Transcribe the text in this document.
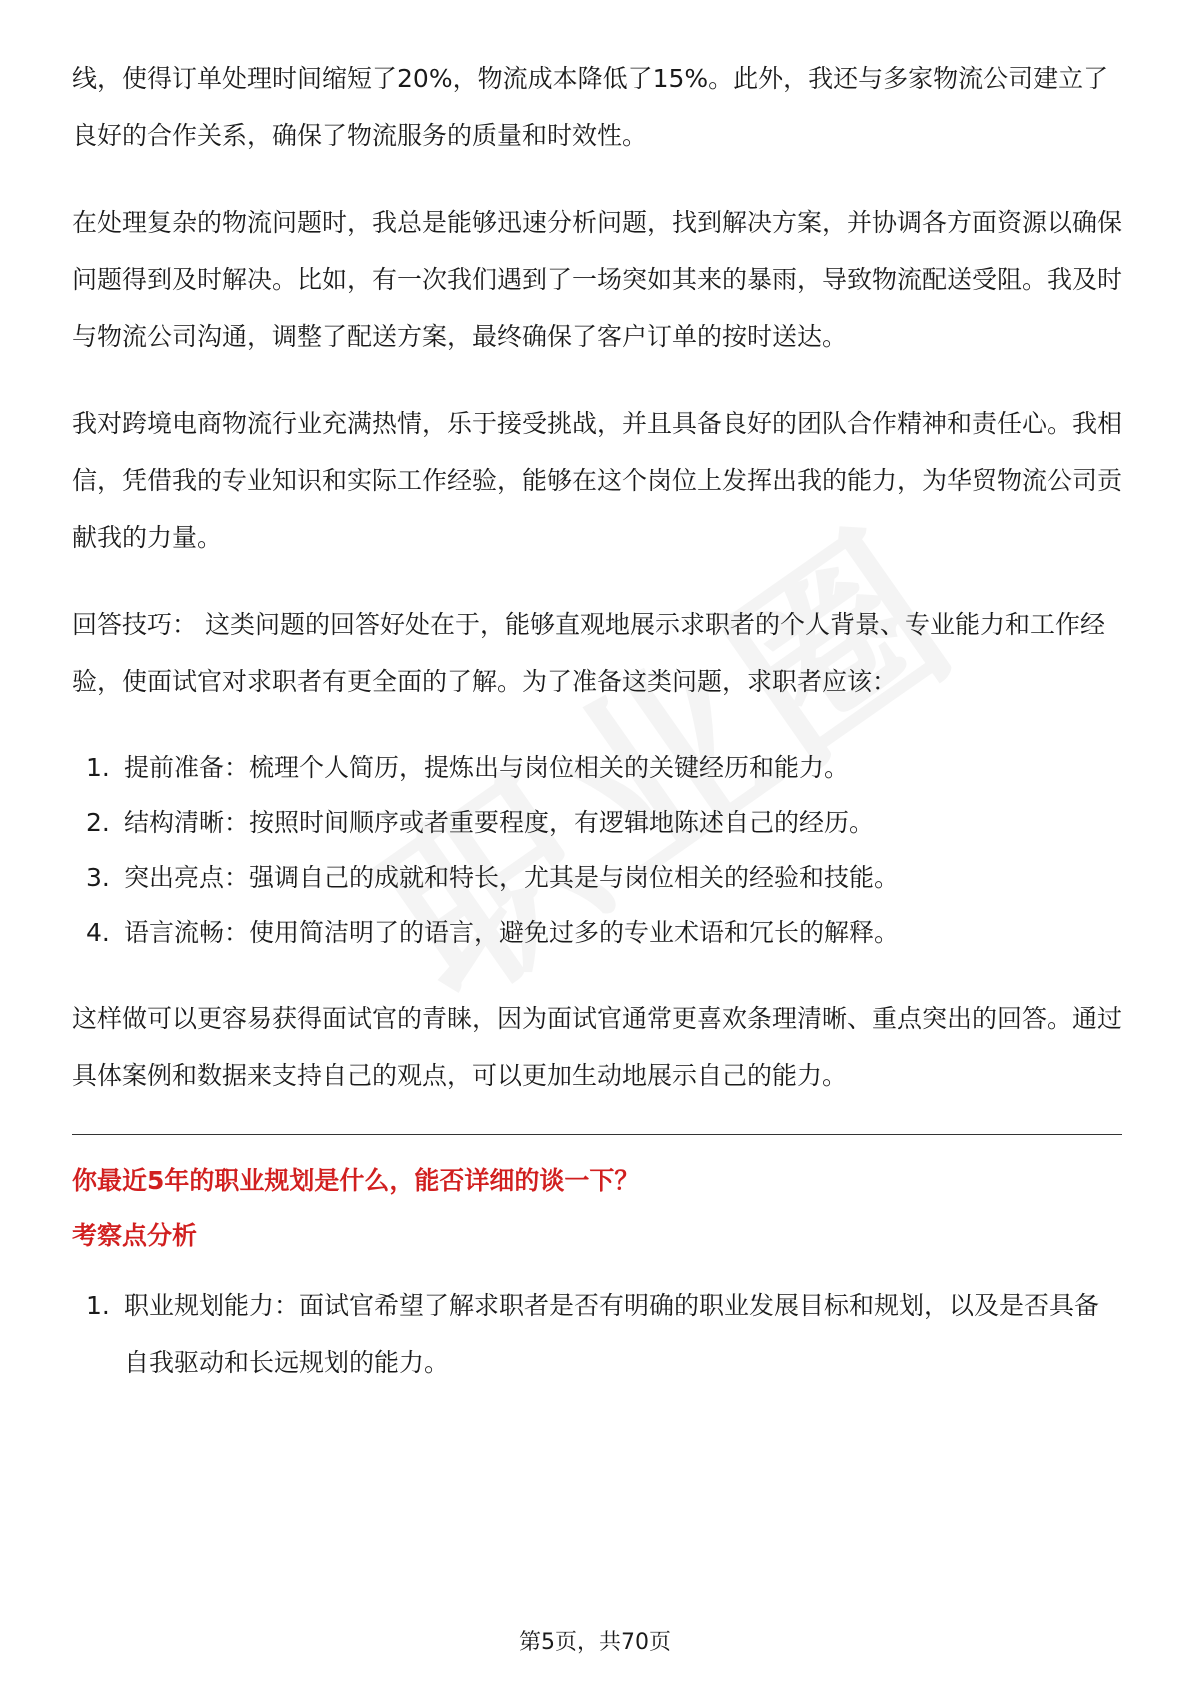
线，使得订单处理时间缩短了20%，物流成本降低了15%。此外，我还与多家物流公司建立了良好的合作关系，确保了物流服务的质量和时效性。

在处理复杂的物流问题时，我总是能够迅速分析问题，找到解决方案，并协调各方面资源以确保问题得到及时解决。比如，有一次我们遇到了一场突如其来的暴雨，导致物流配送受阻。我及时与物流公司沟通，调整了配送方案，最终确保了客户订单的按时送达。

我对跨境电商物流行业充满热情，乐于接受挑战，并且具备良好的团队合作精神和责任心。我相信，凭借我的专业知识和实际工作经验，能够在这个岗位上发挥出我的能力，为华贸物流公司贡献我的力量。

回答技巧： 这类问题的回答好处在于，能够直观地展示求职者的个人背景、专业能力和工作经验，使面试官对求职者有更全面的了解。为了准备这类问题，求职者应该：

1. 提前准备：梳理个人简历，提炼出与岗位相关的关键经历和能力。
2. 结构清晰：按照时间顺序或者重要程度，有逻辑地陈述自己的经历。
3. 突出亮点：强调自己的成就和特长，尤其是与岗位相关的经验和技能。
4. 语言流畅：使用简洁明了的语言，避免过多的专业术语和冗长的解释。

这样做可以更容易获得面试官的青睐，因为面试官通常更喜欢条理清晰、重点突出的回答。通过具体案例和数据来支持自己的观点，可以更加生动地展示自己的能力。

你最近5年的职业规划是什么，能否详细的谈一下？

考察点分析

1. 职业规划能力：面试官希望了解求职者是否有明确的职业发展目标和规划，以及是否具备自我驱动和长远规划的能力。
第5页，共70页
